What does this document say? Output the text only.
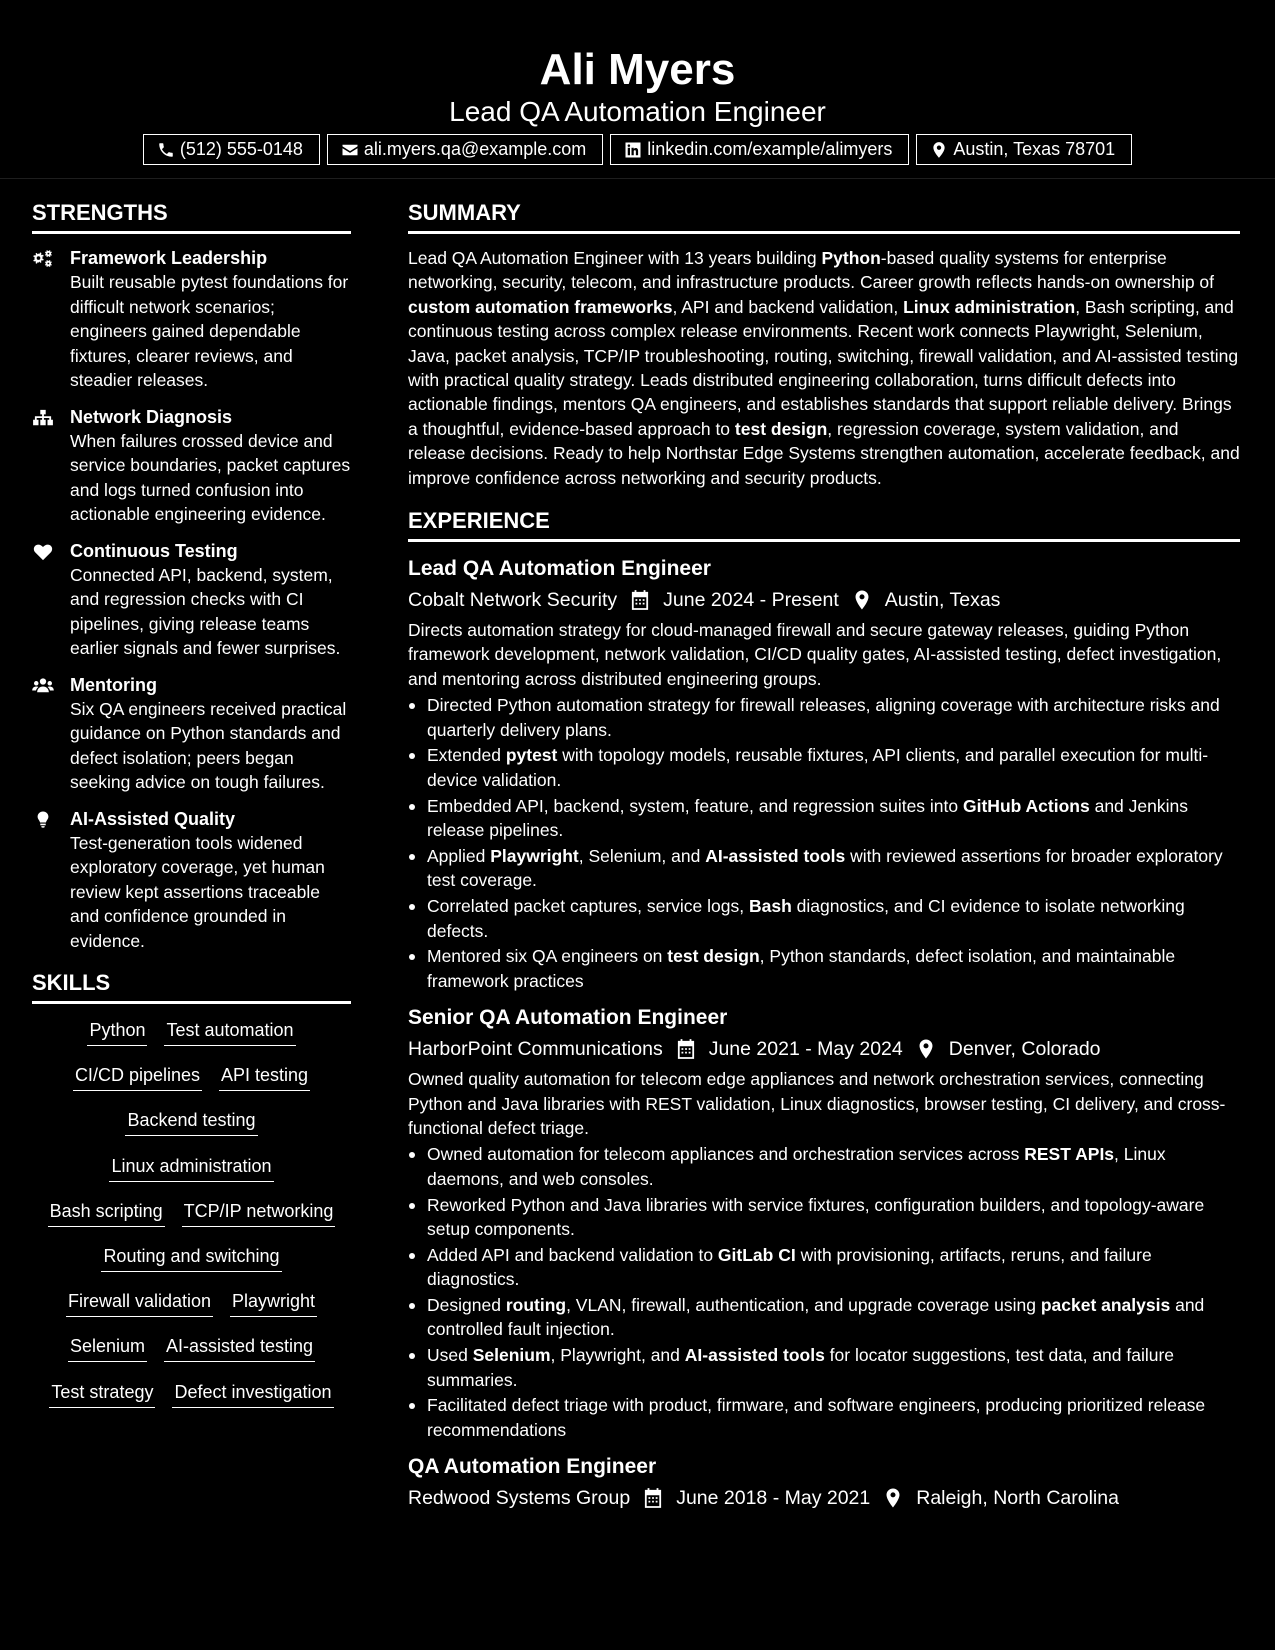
Ali Myers
Lead QA Automation Engineer
(512) 555-0148	ali.myers.qa@example.com	linkedin.com/example/alimyers	Austin, Texas 78701
STRENGTHS
Framework Leadership
Built reusable pytest foundations for difficult network scenarios; engineers gained dependable fixtures, clearer reviews, and steadier releases.
Network Diagnosis
When failures crossed device and service boundaries, packet captures and logs turned confusion into actionable engineering evidence.
Continuous Testing
Connected API, backend, system, and regression checks with CI pipelines, giving release teams earlier signals and fewer surprises.
Mentoring
Six QA engineers received practical guidance on Python standards and defect isolation; peers began seeking advice on tough failures.
AI-Assisted Quality
Test-generation tools widened exploratory coverage, yet human review kept assertions traceable and confidence grounded in evidence.
SKILLS
Python Test automation
CI/CD pipelines API testing
Backend testing
Linux administration
Bash scripting TCP/IP networking
Routing and switching
Firewall validation Playwright
Selenium AI-assisted testing
Test strategy Defect investigation
SUMMARY
Lead QA Automation Engineer with 13 years building Python-based quality systems for enterprise networking, security, telecom, and infrastructure products. Career growth reflects hands-on ownership of custom automation frameworks, API and backend validation, Linux administration, Bash scripting, and continuous testing across complex release environments. Recent work connects Playwright, Selenium, Java, packet analysis, TCP/IP troubleshooting, routing, switching, firewall validation, and AI-assisted testing with practical quality strategy. Leads distributed engineering collaboration, turns difficult defects into actionable findings, mentors QA engineers, and establishes standards that support reliable delivery. Brings a thoughtful, evidence-based approach to test design, regression coverage, system validation, and release decisions. Ready to help Northstar Edge Systems strengthen automation, accelerate feedback, and improve confidence across networking and security products.
EXPERIENCE
Lead QA Automation Engineer
Cobalt Network Security June 2024 - Present Austin, Texas
Directs automation strategy for cloud-managed firewall and secure gateway releases, guiding Python framework development, network validation, CI/CD quality gates, AI-assisted testing, defect investigation, and mentoring across distributed engineering groups.
Directed Python automation strategy for firewall releases, aligning coverage with architecture risks and quarterly delivery plans.
Extended pytest with topology models, reusable fixtures, API clients, and parallel execution for multi-device validation.
Embedded API, backend, system, feature, and regression suites into GitHub Actions and Jenkins release pipelines.
Applied Playwright, Selenium, and AI-assisted tools with reviewed assertions for broader exploratory test coverage.
Correlated packet captures, service logs, Bash diagnostics, and CI evidence to isolate networking defects.
Mentored six QA engineers on test design, Python standards, defect isolation, and maintainable framework practices
Senior QA Automation Engineer
HarborPoint Communications June 2021 - May 2024 Denver, Colorado
Owned quality automation for telecom edge appliances and network orchestration services, connecting Python and Java libraries with REST validation, Linux diagnostics, browser testing, CI delivery, and cross-functional defect triage.
Owned automation for telecom appliances and orchestration services across REST APIs, Linux daemons, and web consoles.
Reworked Python and Java libraries with service fixtures, configuration builders, and topology-aware setup components.
Added API and backend validation to GitLab CI with provisioning, artifacts, reruns, and failure diagnostics.
Designed routing, VLAN, firewall, authentication, and upgrade coverage using packet analysis and controlled fault injection.
Used Selenium, Playwright, and AI-assisted tools for locator suggestions, test data, and failure summaries.
Facilitated defect triage with product, firmware, and software engineers, producing prioritized release recommendations
QA Automation Engineer
Redwood Systems Group June 2018 - May 2021 Raleigh, North Carolina
